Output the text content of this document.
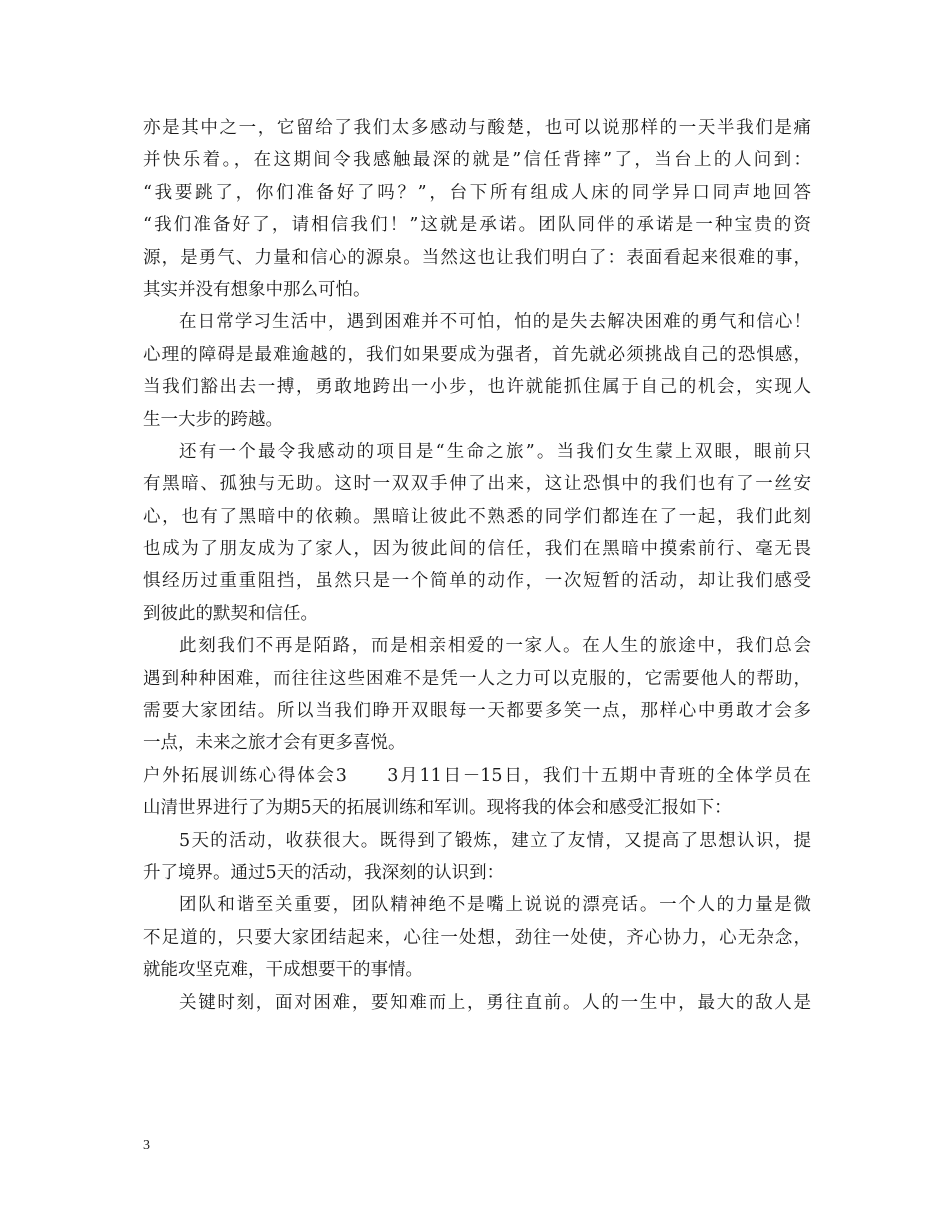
亦是其中之一，它留给了我们太多感动与酸楚，也可以说那样的一天半我们是痛
并快乐着。，在这期间令我感触最深的就是”信任背摔”了，当台上的人问到：
“我要跳了，你们准备好了吗？”，台下所有组成人床的同学异口同声地回答
“我们准备好了，请相信我们！”这就是承诺。团队同伴的承诺是一种宝贵的资
源，是勇气、力量和信心的源泉。当然这也让我们明白了：表面看起来很难的事，
其实并没有想象中那么可怕。
在日常学习生活中，遇到困难并不可怕，怕的是失去解决困难的勇气和信心！
心理的障碍是最难逾越的，我们如果要成为强者，首先就必须挑战自己的恐惧感，
当我们豁出去一搏，勇敢地跨出一小步，也许就能抓住属于自己的机会，实现人
生一大步的跨越。
还有一个最令我感动的项目是“生命之旅”。当我们女生蒙上双眼，眼前只
有黑暗、孤独与无助。这时一双双手伸了出来，这让恐惧中的我们也有了一丝安
心，也有了黑暗中的依赖。黑暗让彼此不熟悉的同学们都连在了一起，我们此刻
也成为了朋友成为了家人，因为彼此间的信任，我们在黑暗中摸索前行、毫无畏
惧经历过重重阻挡，虽然只是一个简单的动作，一次短暂的活动，却让我们感受
到彼此的默契和信任。
此刻我们不再是陌路，而是相亲相爱的一家人。在人生的旅途中，我们总会
遇到种种困难，而往往这些困难不是凭一人之力可以克服的，它需要他人的帮助，
需要大家团结。所以当我们睁开双眼每一天都要多笑一点，那样心中勇敢才会多
一点，未来之旅才会有更多喜悦。
户外拓展训练心得体会3　　3月11日－15日，我们十五期中青班的全体学员在
山清世界进行了为期5天的拓展训练和军训。现将我的体会和感受汇报如下：
5天的活动，收获很大。既得到了锻炼，建立了友情，又提高了思想认识，提
升了境界。通过5天的活动，我深刻的认识到：
团队和谐至关重要，团队精神绝不是嘴上说说的漂亮话。一个人的力量是微
不足道的，只要大家团结起来，心往一处想，劲往一处使，齐心协力，心无杂念，
就能攻坚克难，干成想要干的事情。
关键时刻，面对困难，要知难而上，勇往直前。人的一生中，最大的敌人是
3
